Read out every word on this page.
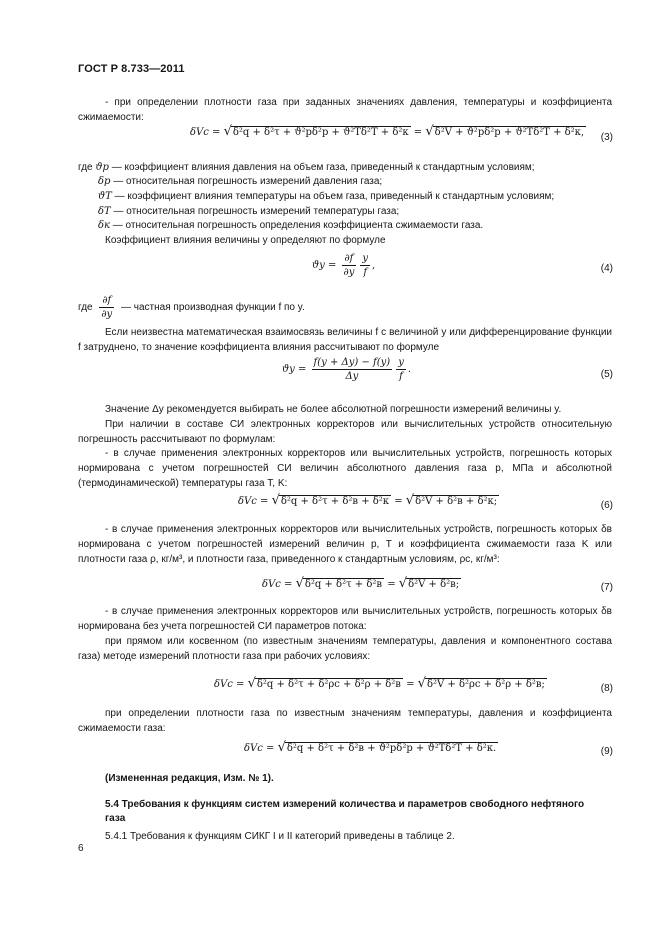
ГОСТ Р 8.733—2011
- при определении плотности газа при заданных значениях давления, температуры и коэффициента сжимаемости:
δVc = √δ²q + δ²τ + ϑ²pδ²p + ϑ²Tδ²T + δ²к = √δ²V + ϑ²pδ²p + ϑ²Tδ²T + δ²к, (3)
где ϑp — коэффициент влияния давления на объем газа, приведенный к стандартным условиям;
δp — относительная погрешность измерений давления газа;
ϑT — коэффициент влияния температуры на объем газа, приведенный к стандартным условиям;
δT — относительная погрешность измерений температуры газа;
δк — относительная погрешность определения коэффициента сжимаемости газа.
Коэффициент влияния величины y определяют по формуле
$ϑy = \frac{\partial f}{\partial y} \frac{y}{f}$ ,	(4)
где $\frac{\partial f}{\partial y}$ — частная производная функции f по y.
Если неизвестна математическая взаимосвязь величины f с величиной y или дифференцирование функции f затруднено, то значение коэффициента влияния рассчитывают по формуле
$ϑy = \frac{f(y + \Delta y) - f(y)}{\Delta y} \frac{y}{f}$ .	(5)
Значение Δy рекомендуется выбирать не более абсолютной погрешности измерений величины y.
При наличии в составе СИ электронных корректоров или вычислительных устройств относительную погрешность рассчитывают по формулам:
- в случае применения электронных корректоров или вычислительных устройств, погрешность которых нормирована с учетом погрешностей СИ величин абсолютного давления газа p, МПа и абсолютной (термодинамической) температуры газа T, K:
δVc = √δ²q + δ²τ + δ²в + δ²к = √δ²V + δ²в + δ²к;	(6)
- в случае применения электронных корректоров или вычислительных устройств, погрешность которых δв нормирована с учетом погрешностей измерений величин p, T и коэффициента сжимаемости газа K или плотности газа ρ, кг/м³, и плотности газа, приведенного к стандартным условиям, ρc, кг/м³:
δVc = √δ²q + δ²τ + δ²в = √δ²V + δ²в;	(7)
- в случае применения электронных корректоров или вычислительных устройств, погрешность которых δв нормирована без учета погрешностей СИ параметров потока:
при прямом или косвенном (по известным значениям температуры, давления и компонентного состава газа) методе измерений плотности газа при рабочих условиях:
δVc = √δ²q + δ²τ + δ²ρc + δ²ρ + δ²в = √δ²V + δ²ρc + δ²ρ + δ²в;	(8)
при определении плотности газа по известным значениям температуры, давления и коэффициента сжимаемости газа:
δVc = √δ²q + δ²τ + δ²в + ϑ²pδ²p + ϑ²Tδ²T + δ²к.	(9)
(Измененная редакция, Изм. № 1).
5.4 Требования к функциям систем измерений количества и параметров свободного нефтяного газа
5.4.1 Требования к функциям СИКГ I и II категорий приведены в таблице 2.
6
